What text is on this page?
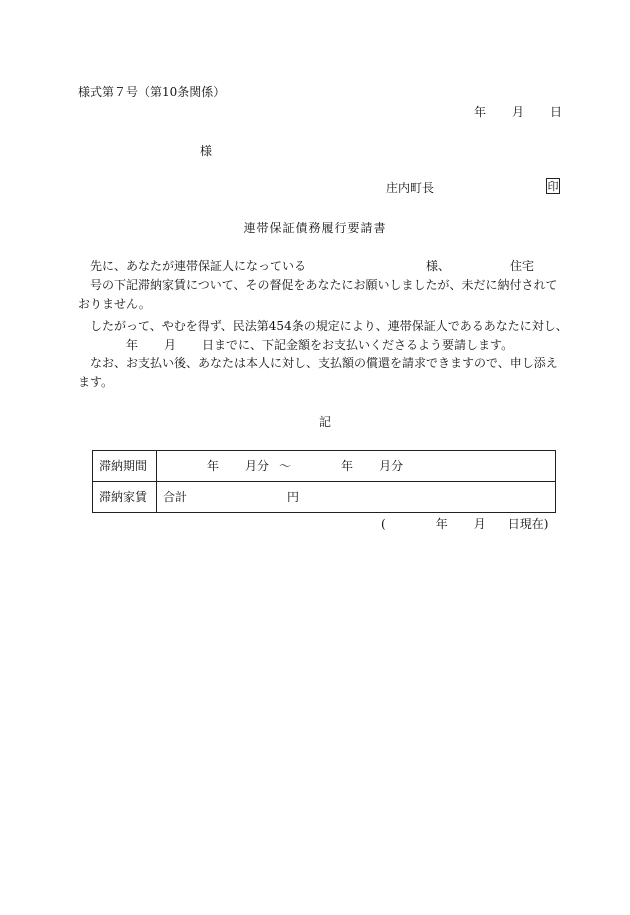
様式第７号（第10条関係）
年 月 日
様
庄内町長	印
連帯保証債務履行要請書
先に、あなたが連帯保証人になっている	様、	住宅
号の下記滞納家賃について、その督促をあなたにお願いしましたが、未だに納付されて
おりません。
したがって、やむを得ず、民法第454条の規定により、連帯保証人であるあなたに対し、
年 月 日までに、下記金額をお支払いくださるよう要請します。
なお、お支払い後、あなたは本人に対し、支払額の償還を請求できますので、申し添え
ます。
記
滞納期間	年 月分 〜 年 月分
滞納家賃	合計 円
(	年 月 日現在)
